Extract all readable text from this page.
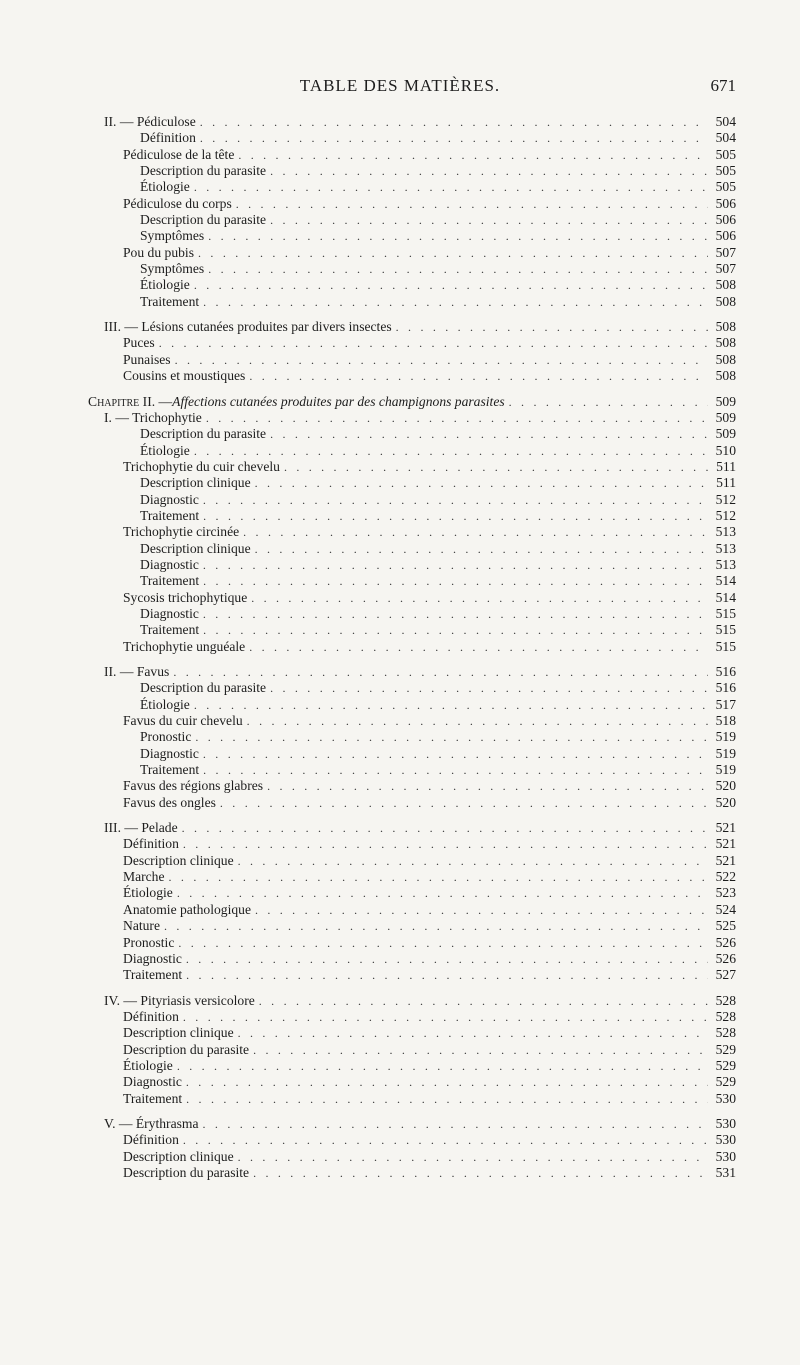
TABLE DES MATIÈRES.	671
II. — Pédiculose . . .	504
Définition . . .	504
Pédiculose de la tête . . .	505
Description du parasite . . .	505
Étiologie . . .	505
Pédiculose du corps . . .	506
Description du parasite . . .	506
Symptômes . . .	506
Pou du pubis . . .	507
Symptômes . . .	507
Étiologie . . .	508
Traitement . . .	508
III. — Lésions cutanées produites par divers insectes . . .	508
Puces . . .	508
Punaises . . .	508
Cousins et moustiques . . .	508
Chapitre II. — Affections cutanées produites par des champignons parasites . . .	509
I. — Trichophytie . . .	509
Description du parasite . . .	509
Étiologie . . .	510
Trichophytie du cuir chevelu . . .	511
Description clinique . . .	511
Diagnostic . . .	512
Traitement . . .	512
Trichophytie circinée . . .	513
Description clinique . . .	513
Diagnostic . . .	513
Traitement . . .	514
Sycosis trichophytique . . .	514
Diagnostic . . .	515
Traitement . . .	515
Trichophytie unguéale . . .	515
II. — Favus . . .	516
Description du parasite . . .	516
Étiologie . . .	517
Favus du cuir chevelu . . .	518
Pronostic . . .	519
Diagnostic . . .	519
Traitement . . .	519
Favus des régions glabres . . .	520
Favus des ongles . . .	520
III. — Pelade . . .	521
Définition . . .	521
Description clinique . . .	521
Marche . . .	522
Étiologie . . .	523
Anatomie pathologique . . .	524
Nature . . .	525
Pronostic . . .	526
Diagnostic . . .	526
Traitement . . .	527
IV. — Pityriasis versicolore . . .	528
Définition . . .	528
Description clinique . . .	528
Description du parasite . . .	529
Étiologie . . .	529
Diagnostic . . .	529
Traitement . . .	530
V. — Érythrasma . . .	530
Définition . . .	530
Description clinique . . .	530
Description du parasite . . .	531
